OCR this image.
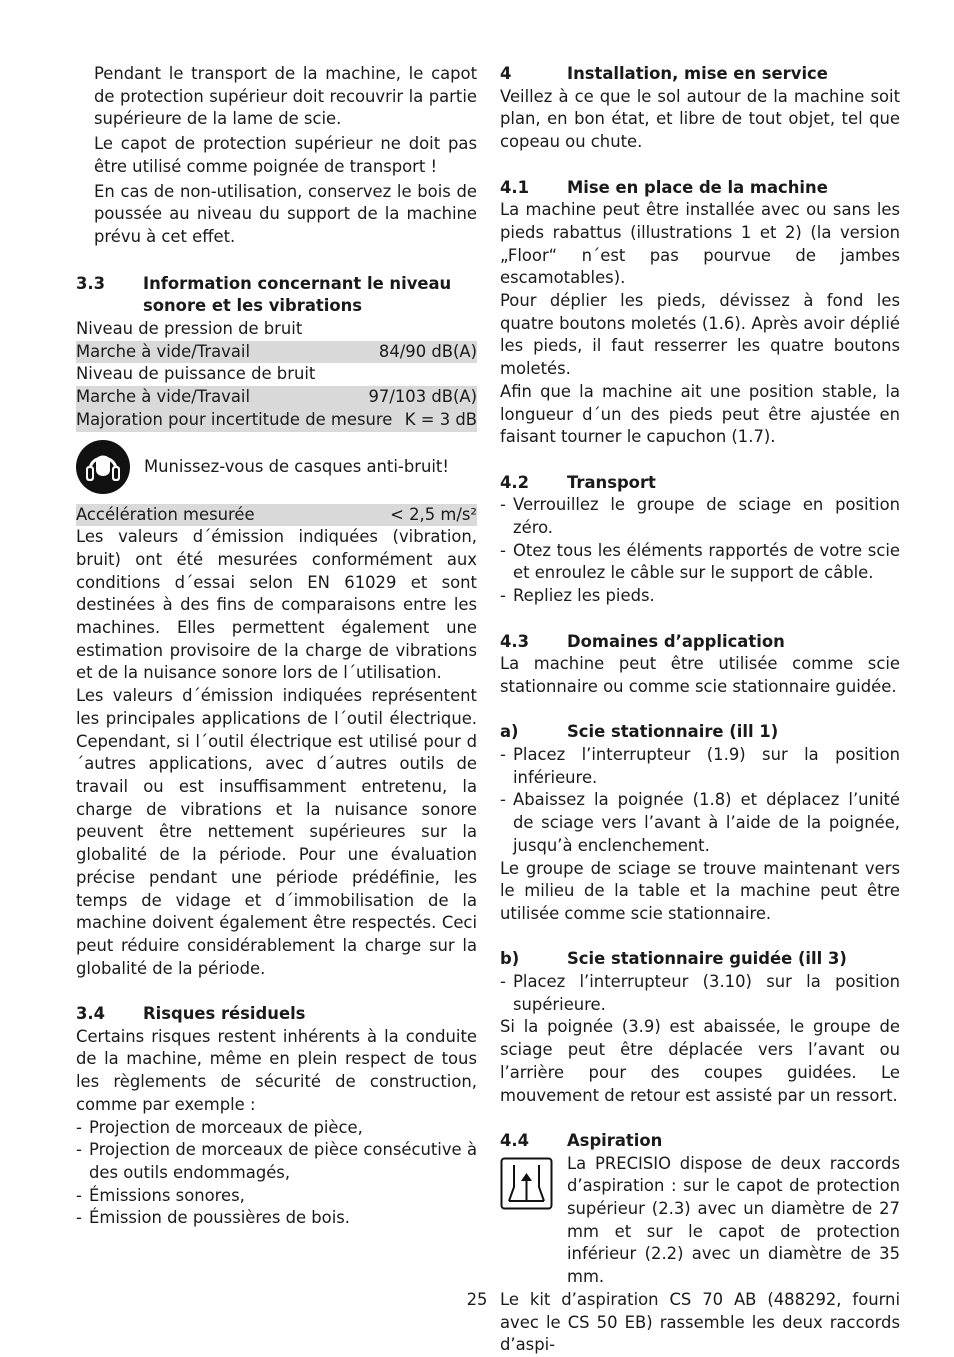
Pendant le transport de la machine, le capot de protection supérieur doit recouvrir la partie supérieure de la lame de scie.

Le capot de protection supérieur ne doit pas être utilisé comme poignée de transport !

En cas de non-utilisation, conservez le bois de poussée au niveau du support de la machine prévu à cet effet.

3.3	Information concernant le niveau sonore et les vibrations
Niveau de pression de bruit
Marche à vide/Travail	84/90 dB(A)
Niveau de puissance de bruit
Marche à vide/Travail	97/103 dB(A)
Majoration pour incertitude de mesure K = 3 dB
Munissez-vous de casques anti-bruit!
Accélération mesurée	< 2,5 m/s²

Les valeurs d´émission indiquées (vibration, bruit) ont été mesurées conformément aux conditions d´essai selon EN 61029 et sont destinées à des fins de comparaisons entre les machines. Elles permettent également une estimation provisoire de la charge de vibrations et de la nuisance sonore lors de l´utilisation.

Les valeurs d´émission indiquées représentent les principales applications de l´outil électrique. Cependant, si l´outil électrique est utilisé pour d´autres applications, avec d´autres outils de travail ou est insuffisamment entretenu, la charge de vibrations et la nuisance sonore peuvent être nettement supérieures sur la globalité de la période. Pour une évaluation précise pendant une période prédéfinie, les temps de vidage et d´immobilisation de la machine doivent également être respectés. Ceci peut réduire considérablement la charge sur la globalité de la période.

3.4	Risques résiduels

Certains risques restent inhérents à la conduite de la machine, même en plein respect de tous les règlements de sécurité de construction, comme par exemple :

- Projection de morceaux de pièce,
- Projection de morceaux de pièce consécutive à des outils endommagés,
- Émissions sonores,
- Émission de poussières de bois.
4	Installation, mise en service

Veillez à ce que le sol autour de la machine soit plan, en bon état, et libre de tout objet, tel que copeau ou chute.

4.1	Mise en place de la machine

La machine peut être installée avec ou sans les pieds rabattus (illustrations 1 et 2) (la version „Floor“ n´est pas pourvue de jambes escamotables).

Pour déplier les pieds, dévissez à fond les quatre boutons moletés (1.6). Après avoir déplié les pieds, il faut resserrer les quatre boutons moletés.

Afin que la machine ait une position stable, la longueur d´un des pieds peut être ajustée en faisant tourner le capuchon (1.7).

4.2	Transport
- Verrouillez le groupe de sciage en position zéro.
- Otez tous les éléments rapportés de votre scie et enroulez le câble sur le support de câble.
- Repliez les pieds.
4.3	Domaines d’application

La machine peut être utilisée comme scie stationnaire ou comme scie stationnaire guidée.

a)	Scie stationnaire (ill 1)
- Placez l’interrupteur (1.9) sur la position inférieure.
- Abaissez la poignée (1.8) et déplacez l’unité de sciage vers l’avant à l’aide de la poignée, jusqu’à enclenchement.

Le groupe de sciage se trouve maintenant vers le milieu de la table et la machine peut être utilisée comme scie stationnaire.

b)	Scie stationnaire guidée (ill 3)
- Placez l’interrupteur (3.10) sur la position supérieure.

Si la poignée (3.9) est abaissée, le groupe de sciage peut être déplacée vers l’avant ou l’arrière pour des coupes guidées. Le mouvement de retour est assisté par un ressort.

4.4	Aspiration

La PRECISIO dispose de deux raccords d’aspiration : sur le capot de protection supérieur (2.3) avec un diamètre de 27 mm et sur le capot de protection inférieur (2.2) avec un diamètre de 35 mm.

Le kit d’aspiration CS 70 AB (488292, fourni avec le CS 50 EB) rassemble les deux raccords d’aspi-

25
